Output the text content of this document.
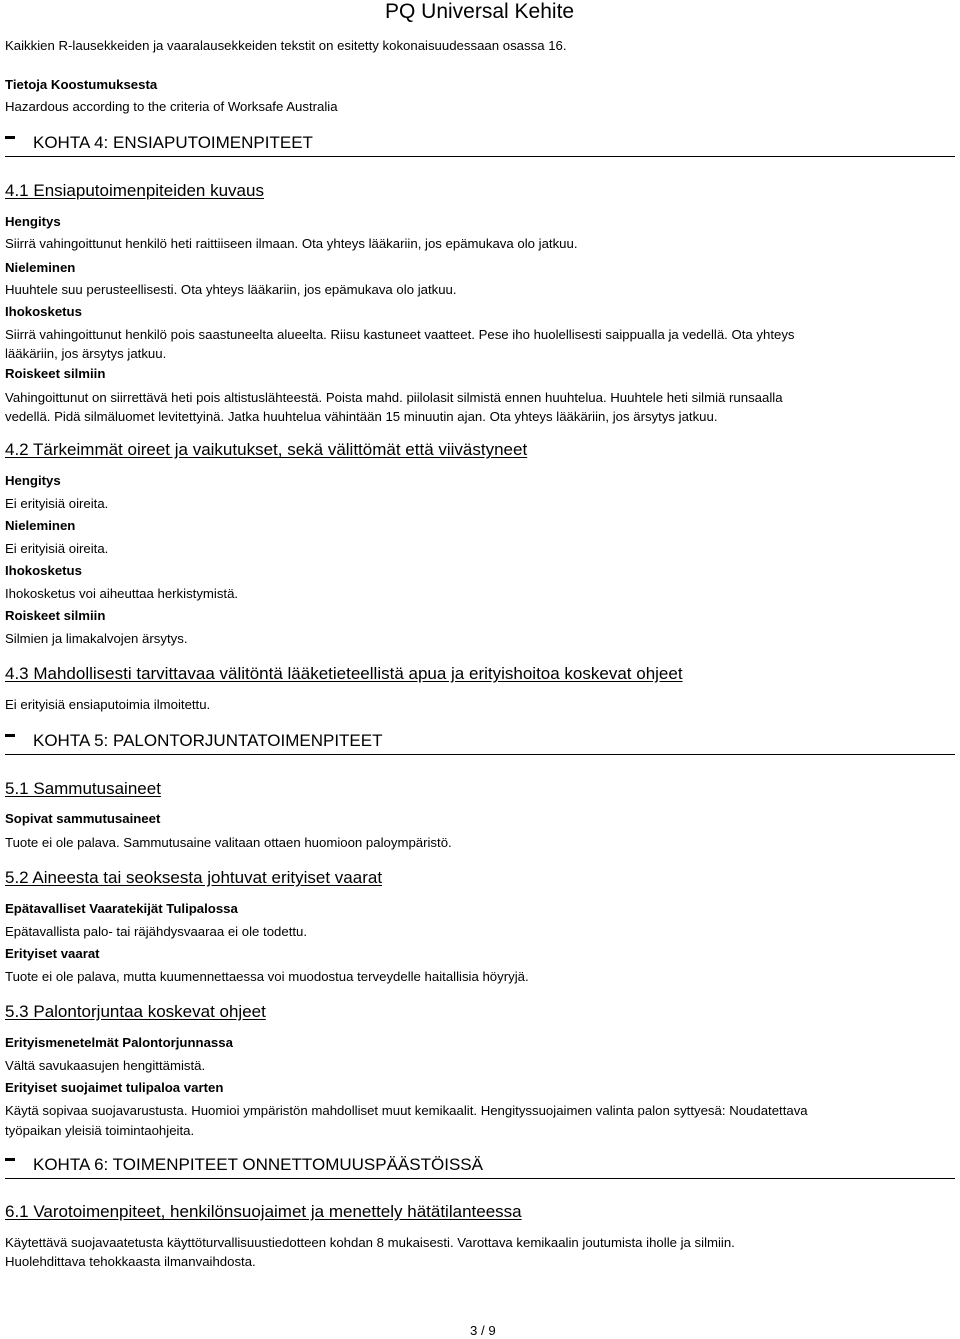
PQ Universal Kehite
Kaikkien R-lausekkeiden ja vaaralausekkeiden tekstit on esitetty kokonaisuudessaan osassa 16.
Tietoja Koostumuksesta
Hazardous according to the criteria of Worksafe Australia
KOHTA 4: ENSIAPUTOIMENPITEET
4.1 Ensiaputoimenpiteiden kuvaus
Hengitys
Siirrä vahingoittunut henkilö heti raittiiseen ilmaan. Ota yhteys lääkariin, jos epämukava olo jatkuu.
Nieleminen
Huuhtele suu perusteellisesti. Ota yhteys lääkariin, jos epämukava olo jatkuu.
Ihokosketus
Siirrä vahingoittunut henkilö pois saastuneelta alueelta. Riisu kastuneet vaatteet. Pese iho huolellisesti saippualla ja vedellä. Ota yhteys
lääkäriin, jos ärsytys jatkuu.
Roiskeet silmiin
Vahingoittunut on siirrettävä heti pois altistuslähteestä. Poista mahd. piilolasit silmistä ennen huuhtelua. Huuhtele heti silmiä runsaalla
vedellä. Pidä silmäluomet levitettyinä. Jatka huuhtelua vähintään 15 minuutin ajan. Ota yhteys lääkäriin, jos ärsytys jatkuu.
4.2 Tärkeimmät oireet ja vaikutukset, sekä välittömät että viivästyneet
Hengitys
Ei erityisiä oireita.
Nieleminen
Ei erityisiä oireita.
Ihokosketus
Ihokosketus voi aiheuttaa herkistymistä.
Roiskeet silmiin
Silmien ja limakalvojen ärsytys.
4.3 Mahdollisesti tarvittavaa välitöntä lääketieteellistä apua ja erityishoitoa koskevat ohjeet
Ei erityisiä ensiaputoimia ilmoitettu.
KOHTA 5: PALONTORJUNTATOIMENPITEET
5.1 Sammutusaineet
Sopivat sammutusaineet
Tuote ei ole palava. Sammutusaine valitaan ottaen huomioon paloympäristö.
5.2 Aineesta tai seoksesta johtuvat erityiset vaarat
Epätavalliset Vaaratekijät Tulipalossa
Epätavallista palo- tai räjähdysvaaraa ei ole todettu.
Erityiset vaarat
Tuote ei ole palava, mutta kuumennettaessa voi muodostua terveydelle haitallisia höyryjä.
5.3 Palontorjuntaa koskevat ohjeet
Erityismenetelmät Palontorjunnassa
Vältä savukaasujen hengittämistä.
Erityiset suojaimet tulipaloa varten
Käytä sopivaa suojavarustusta. Huomioi ympäristön mahdolliset muut kemikaalit. Hengityssuojaimen valinta palon syttyesä: Noudatettava
työpaikan yleisiä toimintaohjeita.
KOHTA 6: TOIMENPITEET ONNETTOMUUSPÄÄSTÖISSÄ
6.1 Varotoimenpiteet, henkilönsuojaimet ja menettely hätätilanteessa
Käytettävä suojavaatetusta käyttöturvallisuustiedotteen kohdan 8 mukaisesti. Varottava kemikaalin joutumista iholle ja silmiin.
Huolehdittava tehokkaasta ilmanvaihdosta.
3 / 9
